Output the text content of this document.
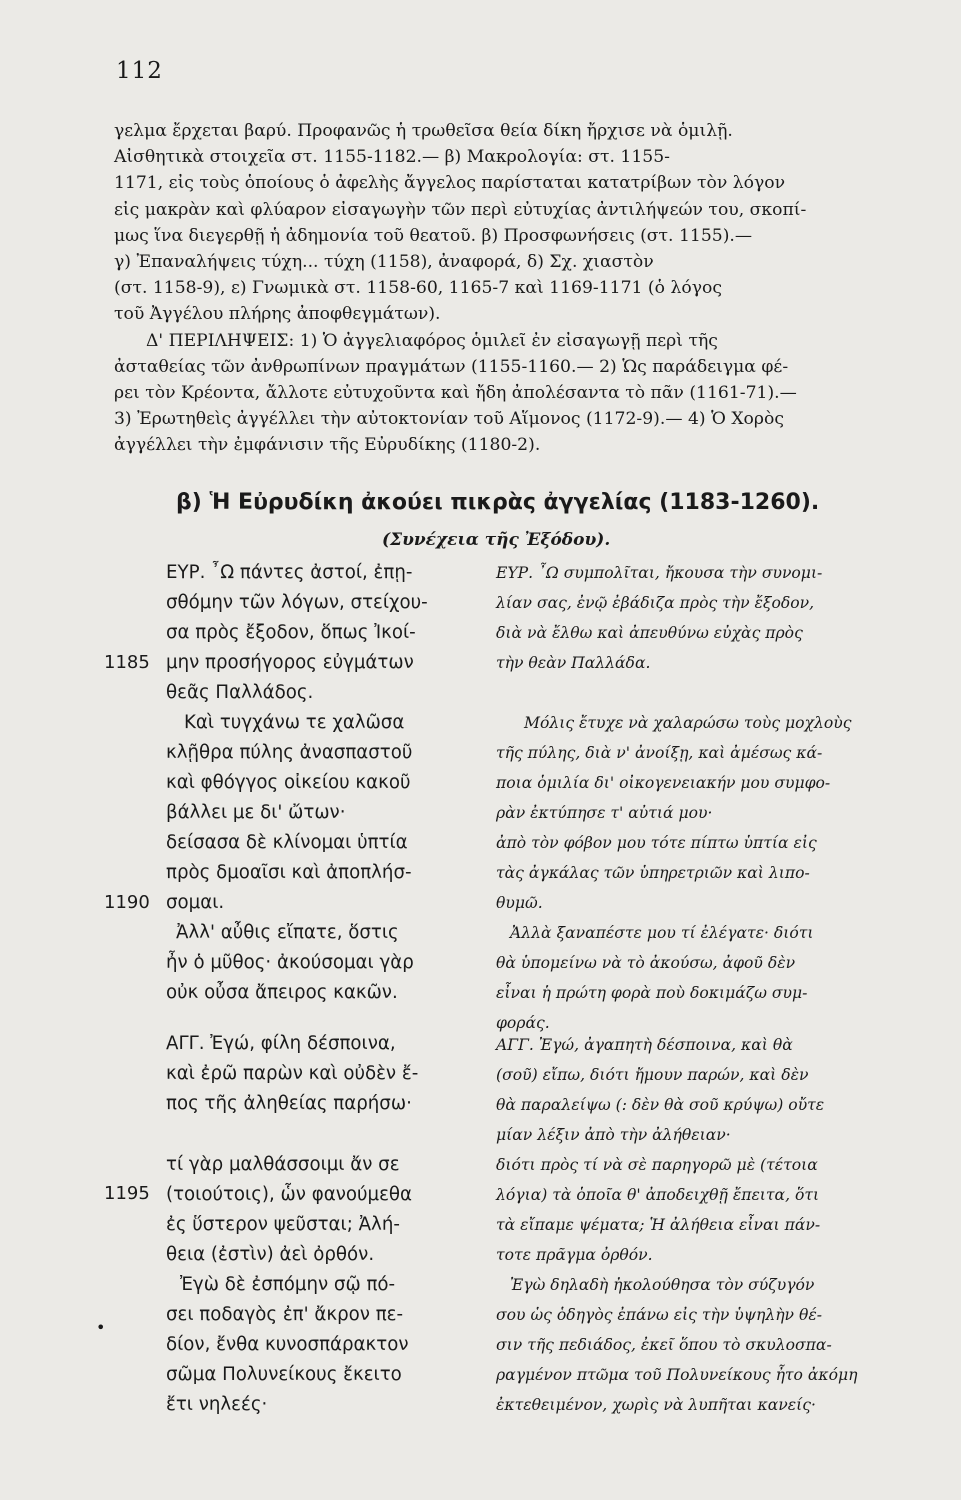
112

γελμα ἔρχεται βαρύ. Προφανῶς ἡ τρωθεῖσα θεία δίκη ἤρχισε νὰ ὁμιλῇ.

Αἰσθητικὰ στοιχεῖα στ. 1155-1182.— β) Μακρολογία: στ. 1155-

1171, εἰς τοὺς ὁποίους ὁ ἀφελὴς ἄγγελος παρίσταται κατατρίβων τὸν λόγον

εἰς μακρὰν καὶ φλύαρον εἰσαγωγὴν τῶν περὶ εὐτυχίας ἀντιλήψεών του, σκοπί-

μως ἵνα διεγερθῇ ἡ ἀδημονία τοῦ θεατοῦ. β) Προσφωνήσεις (στ. 1155).—

γ) Ἐπαναλήψεις τύχη... τύχη (1158), ἀναφορά, δ) Σχ. χιαστὸν

(στ. 1158-9), ε) Γνωμικὰ στ. 1158-60, 1165-7 καὶ 1169-1171 (ὁ λόγος

τοῦ Ἀγγέλου πλήρης ἀποφθεγμάτων).

Δ' ΠΕΡΙΛΗΨΕΙΣ: 1) Ὁ ἀγγελιαφόρος ὁμιλεῖ ἐν εἰσαγωγῇ περὶ τῆς

ἀσταθείας τῶν ἀνθρωπίνων πραγμάτων (1155-1160.— 2) Ὡς παράδειγμα φέ-

ρει τὸν Κρέοντα, ἄλλοτε εὐτυχοῦντα καὶ ἤδη ἀπολέσαντα τὸ πᾶν (1161-71).—

3) Ἐρωτηθεὶς ἀγγέλλει τὴν αὐτοκτονίαν τοῦ Αἵμονος (1172-9).— 4) Ὁ Χορὸς

ἀγγέλλει τὴν ἐμφάνισιν τῆς Εὐρυδίκης (1180-2).

β) Ἡ Εὐρυδίκη ἀκούει πικρὰς ἀγγελίας (1183-1260).
(Συνέχεια τῆς Ἐξόδου).
1185
1190
1195
ΕΥΡ. ῏Ω πάντες ἀστοί, ἐπῃ-
σθόμην τῶν λόγων, στείχου-
σα πρὸς ἔξοδον, ὅπως Ἰκοί-
μην προσήγορος εὐγμάτων
θεᾶς Παλλάδος.
Καὶ τυγχάνω τε χαλῶσα
κλῇθρα πύλης ἀνασπαστοῦ
καὶ φθόγγος οἰκείου κακοῦ
βάλλει με δι' ὤτων·
δείσασα δὲ κλίνομαι ὑπτία
πρὸς δμοαῖσι καὶ ἀποπλήσ-
σομαι.
Ἀλλ' αὖθις εἴπατε, ὅστις
ἦν ὁ μῦθος· ἀκούσομαι γὰρ
οὐκ οὖσα ἄπειρος κακῶν.
ΑΓΓ. Ἐγώ, φίλη δέσποινα,
καὶ ἐρῶ παρὼν καὶ οὐδὲν ἔ-
πος τῆς ἀληθείας παρήσω·
τί γὰρ μαλθάσσοιμι ἄν σε
(τοιούτοις), ὧν φανούμεθα
ἐς ὕστερον ψεῦσται; Ἀλή-
θεια (ἐστὶν) ἀεὶ ὀρθόν.
Ἐγὼ δὲ ἐσπόμην σῷ πό-
σει ποδαγὸς ἐπ' ἄκρον πε-
δίον, ἔνθα κυνοσπάρακτον
σῶμα Πολυνείκους ἔκειτο
ἔτι νηλεές·
ΕΥΡ. ῏Ω συμπολῖται, ἤκουσα τὴν συνομι-
λίαν σας, ἐνῷ ἐβάδιζα πρὸς τὴν ἔξοδον,
διὰ νὰ ἔλθω καὶ ἀπευθύνω εὐχὰς πρὸς
τὴν θεὰν Παλλάδα.
Μόλις ἔτυχε νὰ χαλαρώσω τοὺς μοχλοὺς
τῆς πύλης, διὰ ν' ἀνοίξῃ, καὶ ἀμέσως κά-
ποια ὁμιλία δι' οἰκογενειακήν μου συμφο-
ρὰν ἐκτύπησε τ' αὐτιά μου·
ἀπὸ τὸν φόβον μου τότε πίπτω ὑπτία εἰς
τὰς ἀγκάλας τῶν ὑπηρετριῶν καὶ λιπο-
θυμῶ.
Ἀλλὰ ξαναπέστε μου τί ἐλέγατε· διότι
θὰ ὑπομείνω νὰ τὸ ἀκούσω, ἀφοῦ δὲν
εἶναι ἡ πρώτη φορὰ ποὺ δοκιμάζω συμ-
φοράς.
ΑΓΓ. Ἐγώ, ἀγαπητὴ δέσποινα, καὶ θὰ
(σοῦ) εἴπω, διότι ἤμουν παρών, καὶ δὲν
θὰ παραλείψω (: δὲν θὰ σοῦ κρύψω) οὔτε
μίαν λέξιν ἀπὸ τὴν ἀλήθειαν·
διότι πρὸς τί νὰ σὲ παρηγορῶ μὲ (τέτοια
λόγια) τὰ ὁποῖα θ' ἀποδειχθῇ ἔπειτα, ὅτι
τὰ εἴπαμε ψέματα; Ἡ ἀλήθεια εἶναι πάν-
τοτε πρᾶγμα ὀρθόν.
Ἐγὼ δηλαδὴ ἠκολούθησα τὸν σύζυγόν
σου ὡς ὁδηγὸς ἐπάνω εἰς τὴν ὑψηλὴν θέ-
σιν τῆς πεδιάδος, ἐκεῖ ὅπου τὸ σκυλοσπα-
ραγμένον πτῶμα τοῦ Πολυνείκους ἦτο ἀκόμη
ἐκτεθειμένον, χωρὶς νὰ λυπῆται κανείς·
•
